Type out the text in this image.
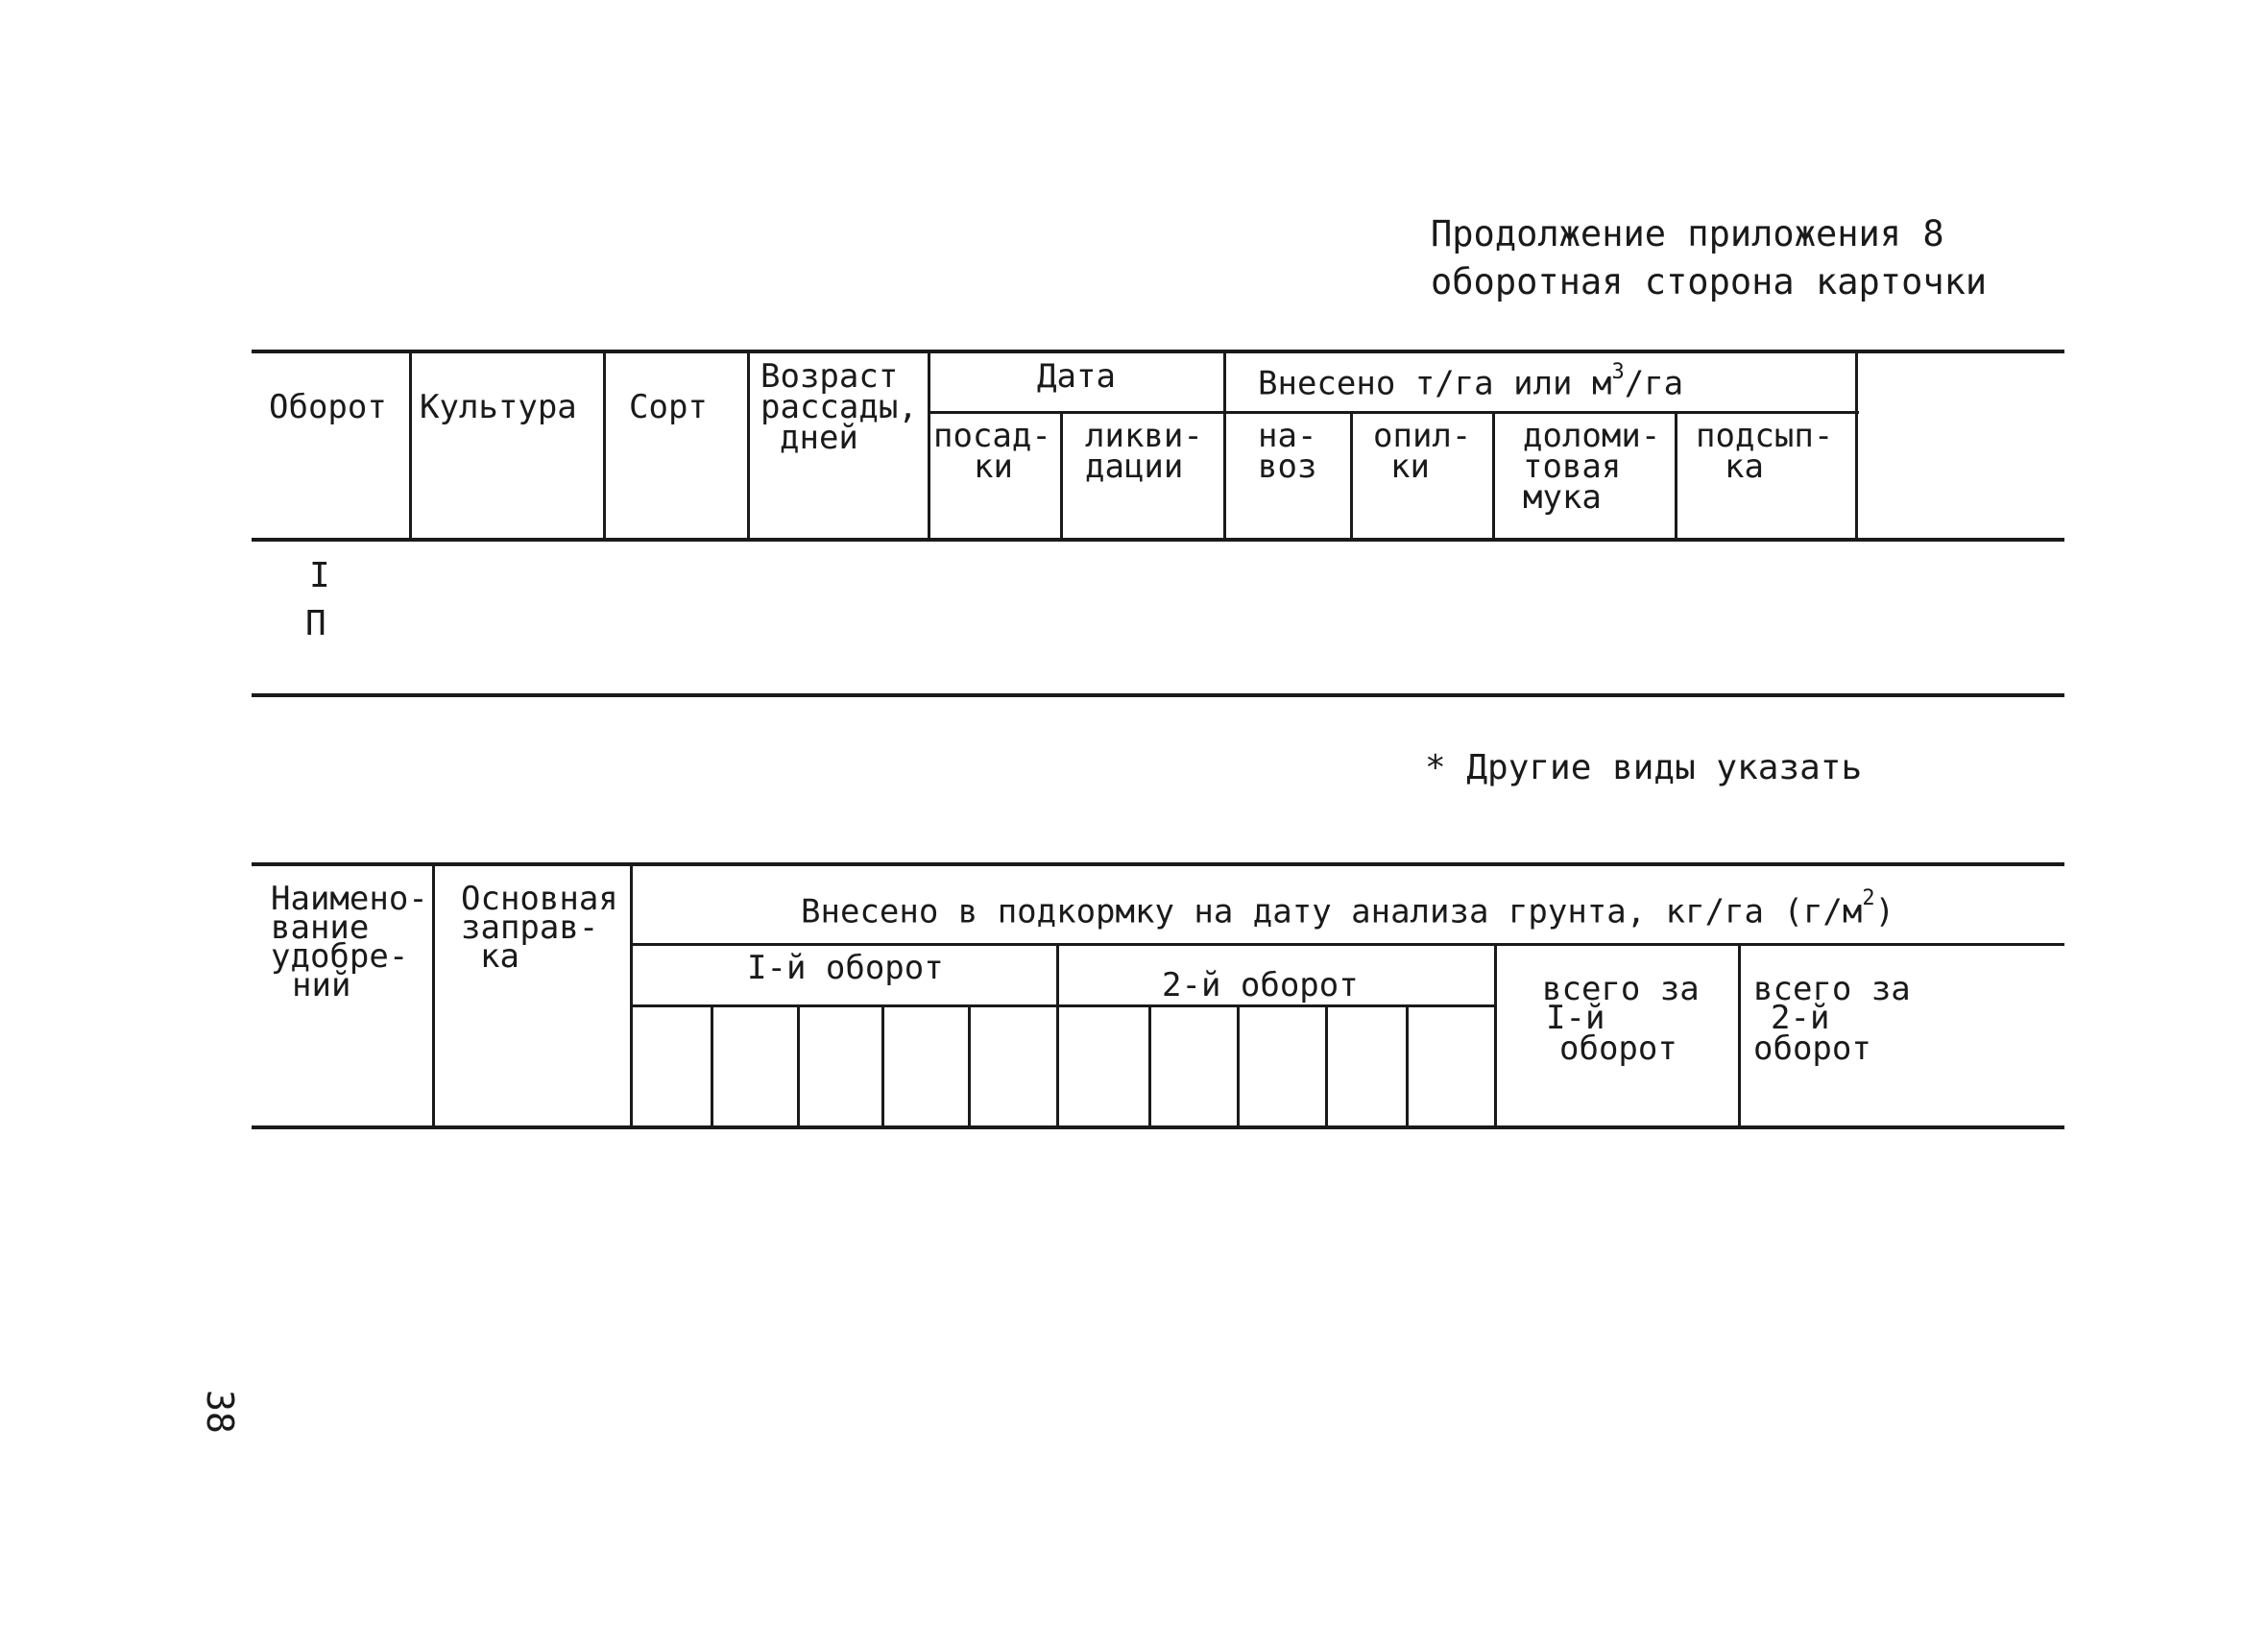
Продолжение приложения 8
оборотная сторона карточки
Оборот Культура Сорт
Возраст
рассады,
дней
Дата
посад-
ки
ликви-
дации
Внесено т/га или $м^3/га$
на-
воз
опил-
ки
доломи-
товая
мука
подсып-
ка
I
П
* Другие виды указать
Наимено-
вание
удобре-
ний
Основная
заправ-
ка
Внесено в подкормку на дату анализа грунта, кг/га $(г/м^2)$
I-й оборот	2-й оборот	всего за
I-й
оборот
всего за
2-й
оборот
38
